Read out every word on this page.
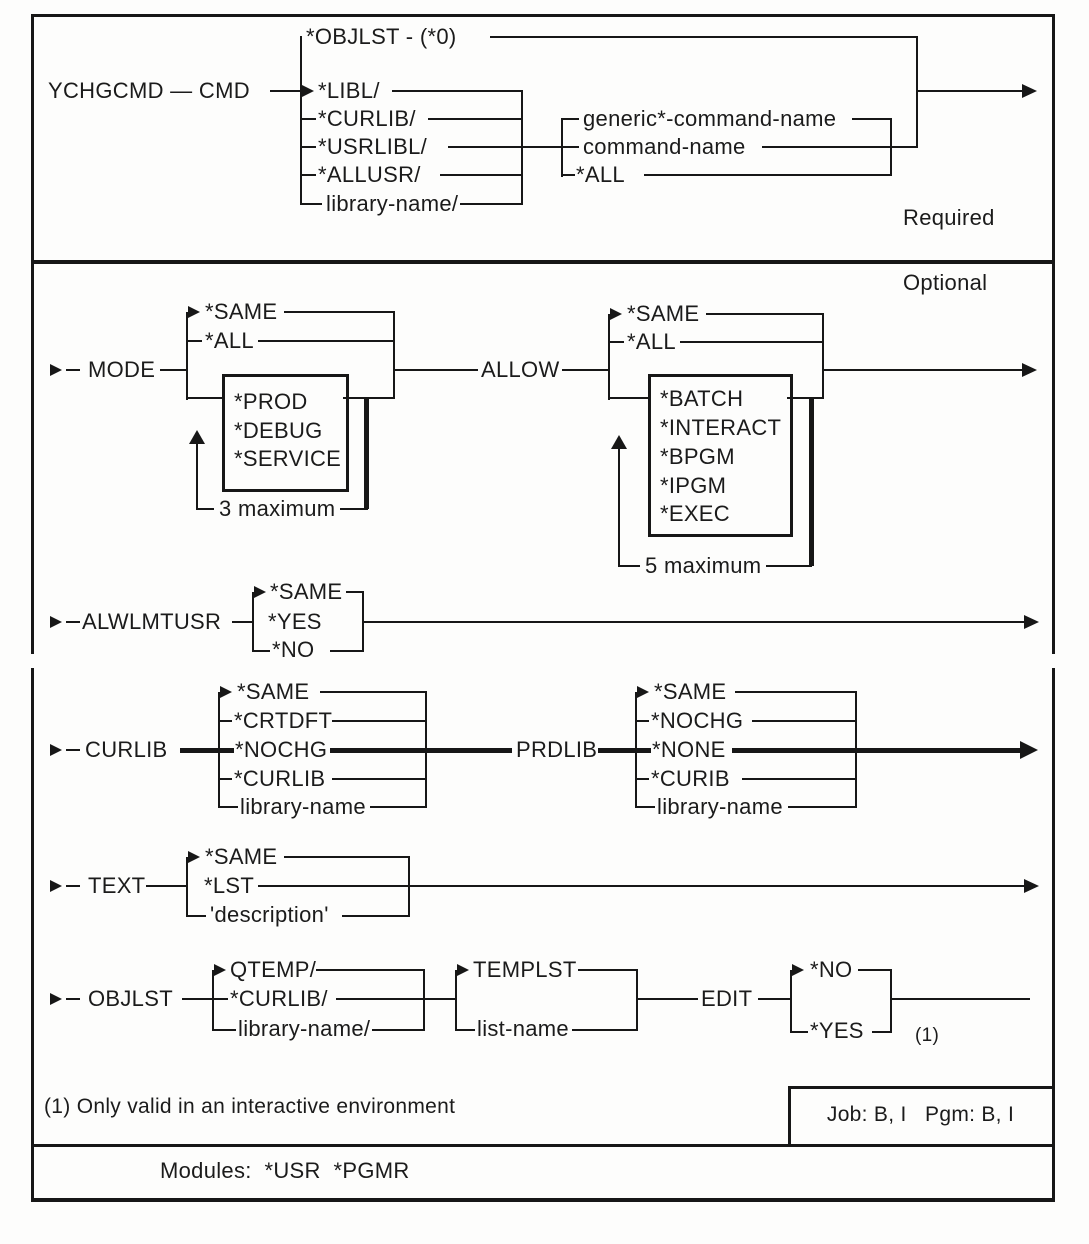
YCHGCMD — CMD
*OBJLST - (*0)
*LIBL/
*CURLIB/
*USRLIBL/
*ALLUSR/
library-name/
generic*-command-name
command-name
*ALL
Required
Optional
MODE
*SAME
*ALL
*PROD
*DEBUG
*SERVICE
3 maximum
ALLOW
*SAME
*ALL
*BATCH
*INTERACT
*BPGM
*IPGM
*EXEC
5 maximum
ALWLMTUSR
*SAME
*YES
*NO
CURLIB
*SAME
*CRTDFT
*NOCHG
*CURLIB
library-name
PRDLIB
*SAME
*NOCHG
*NONE
*CURIB
library-name
TEXT
*SAME
*LST
'description'
OBJLST
QTEMP/
*CURLIB/
library-name/
TEMPLST
list-name
EDIT
*NO
*YES	(1)
(1) Only valid in an interactive environment	Job: B, I   Pgm: B, I
Modules:  *USR  *PGMR
